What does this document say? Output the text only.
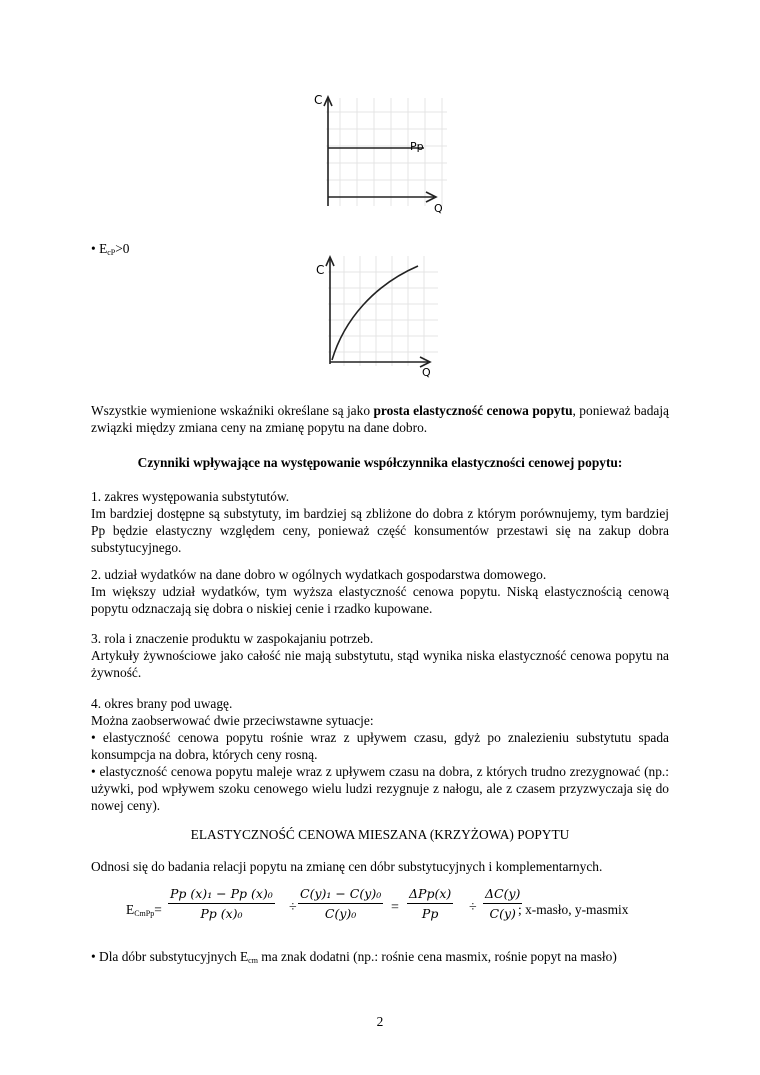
C
Q
Pp
• $E_{cP}>0$
C
Q
Wszystkie wymienione wskaźniki określane są jako prosta elastyczność cenowa popytu, ponieważ badają związki między zmiana ceny na zmianę popytu na dane dobro.
Czynniki wpływające na występowanie współczynnika elastyczności cenowej popytu:
1. zakres występowania substytutów.
Im bardziej dostępne są substytuty, im bardziej są zbliżone do dobra z którym porównujemy, tym bardziej Pp będzie elastyczny względem ceny, ponieważ część konsumentów przestawi się na zakup dobra substytucyjnego.
2. udział wydatków na dane dobro w ogólnych wydatkach gospodarstwa domowego.
Im większy udział wydatków, tym wyższa elastyczność cenowa popytu. Niską elastycznością cenową popytu odznaczają się dobra o niskiej cenie i rzadko kupowane.
3. rola i znaczenie produktu w zaspokajaniu potrzeb.
Artykuły żywnościowe jako całość nie mają substytutu, stąd wynika niska elastyczność cenowa popytu na żywność.
4. okres brany pod uwagę.
Można zaobserwować dwie przeciwstawne sytuacje:
• elastyczność cenowa popytu rośnie wraz z upływem czasu, gdyż po znalezieniu substytutu spada konsumpcja na dobra, których ceny rosną.
• elastyczność cenowa popytu maleje wraz z upływem czasu na dobra, z których trudno zrezygnować (np.: używki, pod wpływem szoku cenowego wielu ludzi rezygnuje z nałogu, ale z czasem przyzwyczaja się do nowej ceny).
ELASTYCZNOŚĆ CENOWA MIESZANA (KRZYŻOWA) POPYTU
Odnosi się do badania relacji popytu na zmianę cen dóbr substytucyjnych i komplementarnych.
$E_{CmPp}= \frac{\text{Pp (x)₁ − Pp (x)₀}}{\text{Pp (x)₀}} \div \frac{\text{C(y)₁ − C(y)₀}}{\text{C(y)₀}}$ =
ΔPp(x)
Pp	÷ $\frac{\Delta C(y)}{C(y)}$
; x-masło, y-masmix
• Dla dóbr substytucyjnych $E_{cm}$ ma znak dodatni (np.: rośnie cena masmix, rośnie popyt na masło)
2
